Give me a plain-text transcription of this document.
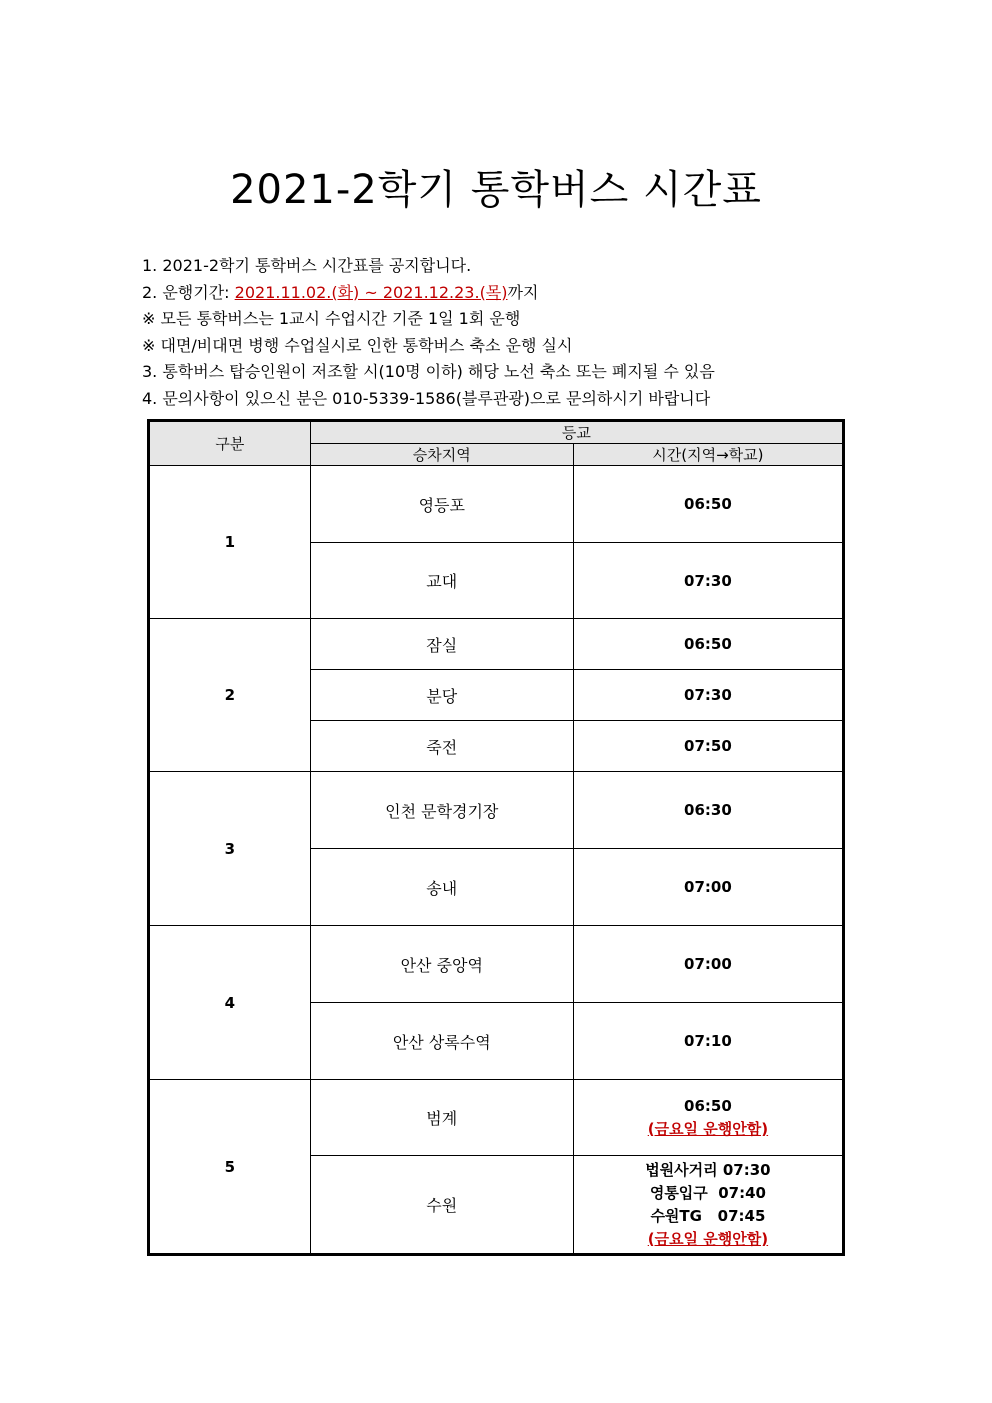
2021-2학기 통학버스 시간표
1. 2021-2학기 통학버스 시간표를 공지합니다.
2. 운행기간: 2021.11.02.(화) ~ 2021.12.23.(목)까지
※ 모든 통학버스는 1교시 수업시간 기준 1일 1회 운행
※ 대면/비대면 병행 수업실시로 인한 통학버스 축소 운행 실시
3. 통학버스 탑승인원이 저조할 시(10명 이하) 해당 노선 축소 또는 폐지될 수 있음
4. 문의사항이 있으신 분은 010-5339-1586(블루관광)으로 문의하시기 바랍니다
구분	등교	
	승차지역	시간(지역→학교)
1	영등포	06:50
	교대	07:30
2	잠실	06:50
	분당	07:30
	죽전	07:50
3	인천 문학경기장	06:30
	송내	07:00
4	안산 중앙역	07:00
	안산 상록수역	07:10
5	범계	06:50
(금요일 운행안함)

	수원	법원사거리 07:30
영통입구  07:40
수원TG   07:45
(금요일 운행안함)
